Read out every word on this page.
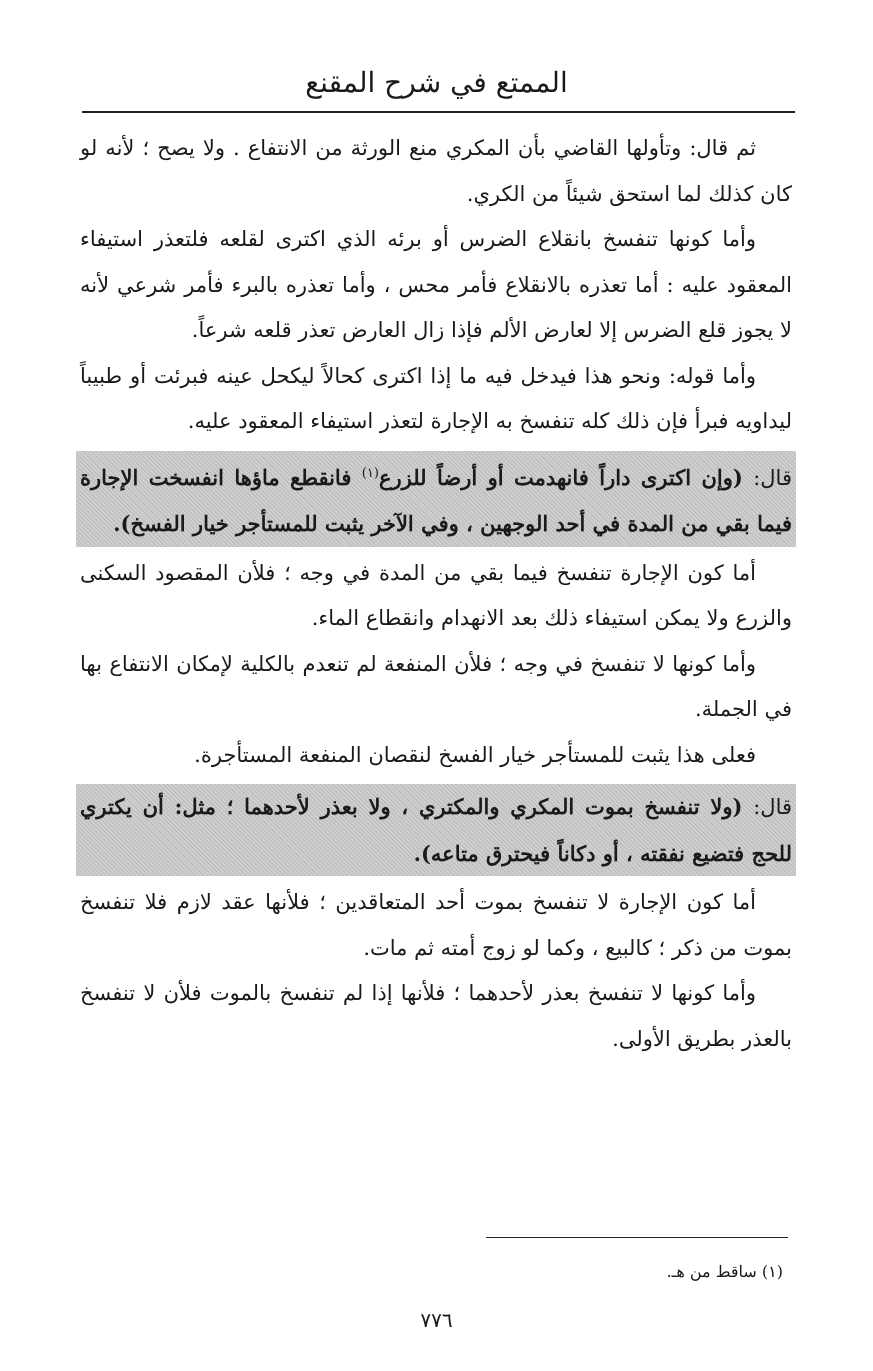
الممتع في شرح المقنع

ثم قال: وتأولها القاضي بأن المكري منع الورثة من الانتفاع . ولا يصح ؛ لأنه لو كان كذلك لما استحق شيئاً من الكري.

وأما كونها تنفسخ بانقلاع الضرس أو برئه الذي اكترى لقلعه فلتعذر استيفاء المعقود عليه : أما تعذره بالانقلاع فأمر محس ، وأما تعذره بالبرء فأمر شرعي لأنه لا يجوز قلع الضرس إلا لعارض الألم فإذا زال العارض تعذر قلعه شرعاً.

وأما قوله: ونحو هذا فيدخل فيه ما إذا اكترى كحالاً ليكحل عينه فبرئت أو طبيباً ليداويه فبرأ فإن ذلك كله تنفسخ به الإجارة لتعذر استيفاء المعقود عليه.

قال: (وإن اكترى داراً فانهدمت أو أرضاً للزرع$^{(١)}$ فانقطع ماؤها انفسخت الإجارة فيما بقي من المدة في أحد الوجهين ، وفي الآخر يثبت للمستأجر خيار الفسخ).

أما كون الإجارة تنفسخ فيما بقي من المدة في وجه ؛ فلأن المقصود السكنى والزرع ولا يمكن استيفاء ذلك بعد الانهدام وانقطاع الماء.

وأما كونها لا تنفسخ في وجه ؛ فلأن المنفعة لم تنعدم بالكلية لإمكان الانتفاع بها في الجملة.

فعلى هذا يثبت للمستأجر خيار الفسخ لنقصان المنفعة المستأجرة.

قال: (ولا تنفسخ بموت المكري والمكتري ، ولا بعذر لأحدهما ؛ مثل: أن يكتري للحج فتضيع نفقته ، أو دكاناً فيحترق متاعه).

أما كون الإجارة لا تنفسخ بموت أحد المتعاقدين ؛ فلأنها عقد لازم فلا تنفسخ بموت من ذكر ؛ كالبيع ، وكما لو زوج أمته ثم مات.

وأما كونها لا تنفسخ بعذر لأحدهما ؛ فلأنها إذا لم تنفسخ بالموت فلأن لا تنفسخ بالعذر بطريق الأولى.

(١) ساقط من هـ.
٧٧٦
